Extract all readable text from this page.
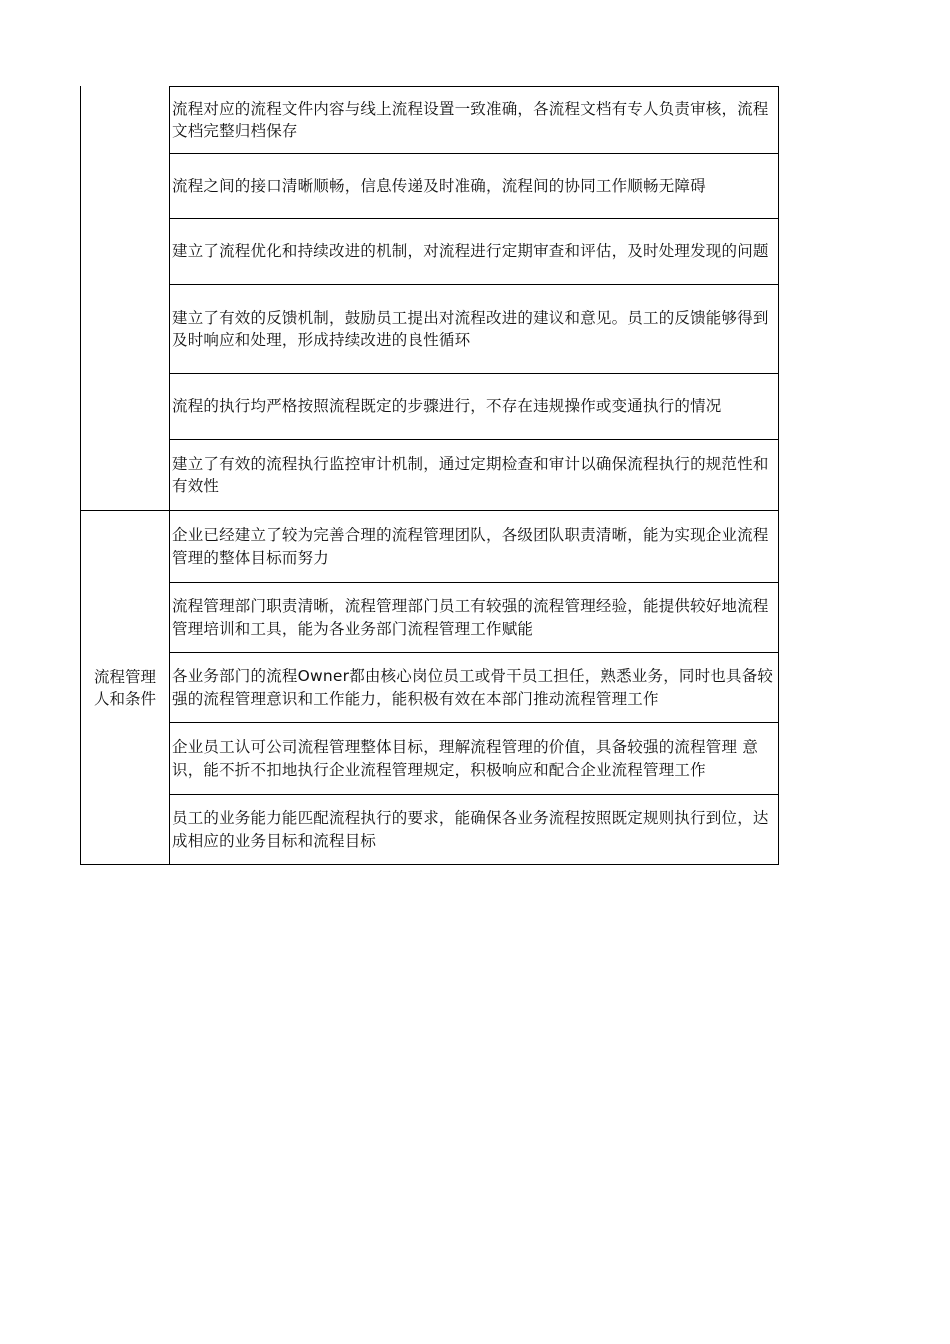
流程对应的流程文件内容与线上流程设置一致准确，各流程文档有专人负责审核，流程文档完整归档保存
流程之间的接口清晰顺畅，信息传递及时准确，流程间的协同工作顺畅无障碍
建立了流程优化和持续改进的机制，对流程进行定期审查和评估，及时处理发现的问题
建立了有效的反馈机制，鼓励员工提出对流程改进的建议和意见。员工的反馈能够得到及时响应和处理，形成持续改进的良性循环
流程的执行均严格按照流程既定的步骤进行，不存在违规操作或变通执行的情况
建立了有效的流程执行监控审计机制，通过定期检查和审计以确保流程执行的规范性和有效性
流程管理
人和条件
企业已经建立了较为完善合理的流程管理团队，各级团队职责清晰，能为实现企业流程管理的整体目标而努力
流程管理部门职责清晰，流程管理部门员工有较强的流程管理经验，能提供较好地流程管理培训和工具，能为各业务部门流程管理工作赋能
各业务部门的流程Owner都由核心岗位员工或骨干员工担任，熟悉业务，同时也具备较强的流程管理意识和工作能力，能积极有效在本部门推动流程管理工作
企业员工认可公司流程管理整体目标，理解流程管理的价值，具备较强的流程管理 意识，能不折不扣地执行企业流程管理规定，积极响应和配合企业流程管理工作
员工的业务能力能匹配流程执行的要求，能确保各业务流程按照既定规则执行到位，达成相应的业务目标和流程目标
